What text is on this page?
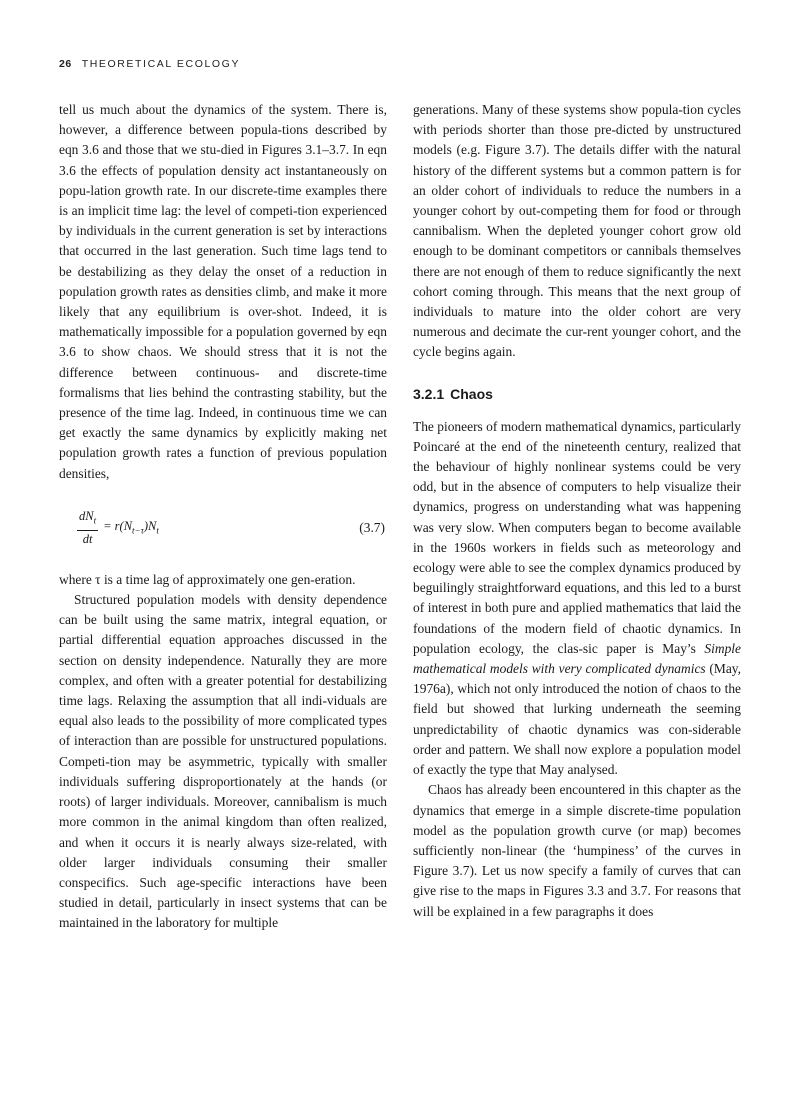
26 THEORETICAL ECOLOGY

tell us much about the dynamics of the system. There is, however, a difference between popula-tions described by eqn 3.6 and those that we stu-died in Figures 3.1–3.7. In eqn 3.6 the effects of population density act instantaneously on popu-lation growth rate. In our discrete-time examples there is an implicit time lag: the level of competi-tion experienced by individuals in the current generation is set by interactions that occurred in the last generation. Such time lags tend to be destabilizing as they delay the onset of a reduction in population growth rates as densities climb, and make it more likely that any equilibrium is over-shot. Indeed, it is mathematically impossible for a population governed by eqn 3.6 to show chaos. We should stress that it is not the difference between continuous- and discrete-time formalisms that lies behind the contrasting stability, but the presence of the time lag. Indeed, in continuous time we can get exactly the same dynamics by explicitly making net population growth rates a function of previous population densities,

$\frac{dN_t}{dt} = r(N_{t-\tau})N_t$	(3.7)

where τ is a time lag of approximately one gen-eration.

Structured population models with density dependence can be built using the same matrix, integral equation, or partial differential equation approaches discussed in the section on density independence. Naturally they are more complex, and often with a greater potential for destabilizing time lags. Relaxing the assumption that all indi-viduals are equal also leads to the possibility of more complicated types of interaction than are possible for unstructured populations. Competi-tion may be asymmetric, typically with smaller individuals suffering disproportionately at the hands (or roots) of larger individuals. Moreover, cannibalism is much more common in the animal kingdom than often realized, and when it occurs it is nearly always size-related, with older larger individuals consuming their smaller conspecifics. Such age-specific interactions have been studied in detail, particularly in insect systems that can be maintained in the laboratory for multiple

generations. Many of these systems show popula-tion cycles with periods shorter than those pre-dicted by unstructured models (e.g. Figure 3.7). The details differ with the natural history of the different systems but a common pattern is for an older cohort of individuals to reduce the numbers in a younger cohort by out-competing them for food or through cannibalism. When the depleted younger cohort grow old enough to be dominant competitors or cannibals themselves there are not enough of them to reduce significantly the next cohort coming through. This means that the next group of individuals to mature into the older cohort are very numerous and decimate the cur-rent younger cohort, and the cycle begins again.

3.2.1 Chaos

The pioneers of modern mathematical dynamics, particularly Poincaré at the end of the nineteenth century, realized that the behaviour of highly nonlinear systems could be very odd, but in the absence of computers to help visualize their dynamics, progress on understanding what was happening was very slow. When computers began to become available in the 1960s workers in fields such as meteorology and ecology were able to see the complex dynamics produced by beguilingly straightforward equations, and this led to a burst of interest in both pure and applied mathematics that laid the foundations of the modern field of chaotic dynamics. In population ecology, the clas-sic paper is May’s Simple mathematical models with very complicated dynamics (May, 1976a), which not only introduced the notion of chaos to the field but showed that lurking underneath the seeming unpredictability of chaotic dynamics was con-siderable order and pattern. We shall now explore a population model of exactly the type that May analysed.

Chaos has already been encountered in this chapter as the dynamics that emerge in a simple discrete-time population model as the population growth curve (or map) becomes sufficiently non-linear (the ‘humpiness’ of the curves in Figure 3.7). Let us now specify a family of curves that can give rise to the maps in Figures 3.3 and 3.7. For reasons that will be explained in a few paragraphs it does
